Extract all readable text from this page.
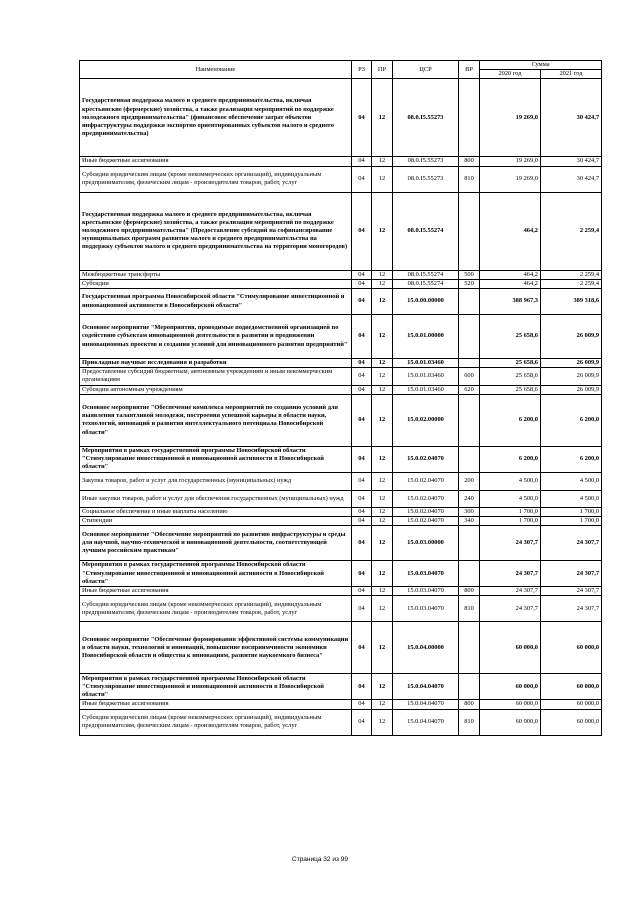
Наименование	РЗ	ПР	ЦСР	ВР	Сумма	
					2020 год	2021 год
Государственная поддержка малого и среднего предпринимательства, включая крестьянские (фермерские) хозяйства, а также реализация мероприятий по поддержке молодежного предпринимательства" (финансовое обеспечение затрат объектов инфраструктуры поддержки экспортно ориентированных субъектов малого и среднего предпринимательства)	04	12	08.0.I5.55273		19 269,0	30 424,7
Иные бюджетные ассигнования	04	12	08.0.I5.55273	800	19 269,0	30 424,7
Субсидии юридическим лицам (кроме некоммерческих организаций), индивидуальным предпринимателям, физическим лицам - производителям товаров, работ, услуг	04	12	08.0.I5.55273	810	19 269,0	30 424,7
Государственная поддержка малого и среднего предпринимательства, включая крестьянские (фермерские) хозяйства, а также реализация мероприятий по поддержке молодежного предпринимательства" (Предоставление субсидий на софинансирование муниципальных программ развития малого и среднего предпринимательства на поддержку субъектов малого и среднего предпринимательства на территории моногородов)	04	12	08.0.I5.55274		464,2	2 259,4
Межбюджетные трансферты	04	12	08.0.I5.55274	500	464,2	2 259,4
Субсидии	04	12	08.0.I5.55274	520	464,2	2 259,4
Государственная программа Новосибирской области "Стимулирование инвестиционной и инновационной активности в Новосибирской области"	04	12	15.0.00.00000		388 967,3	389 318,6
Основное мероприятие "Мероприятия, проводимые подведомственной организацией по содействию субъектам инновационной деятельности в развитии и продвижении инновационных проектов и создании условий для инновационного развития предприятий"	04	12	15.0.01.00000		25 658,6	26 009,9
Прикладные научные исследования и разработки	04	12	15.0.01.03460		25 658,6	26 009,9
Предоставление субсидий бюджетным, автономным учреждениям и иным некоммерческим организациям	04	12	15.0.01.03460	600	25 658,6	26 009,9
Субсидии автономным учреждениям	04	12	15.0.01.03460	620	25 658,6	26 009,9
Основное мероприятие "Обеспечение комплекса мероприятий по созданию условий для выявления талантливой молодежи, построения успешной карьеры в области науки, технологий, инноваций и развития интеллектуального потенциала Новосибирской области"	04	12	15.0.02.00000		6 200,0	6 200,0
Мероприятия в рамках государственной программы Новосибирской области "Стимулирование инвестиционной и инновационной активности в Новосибирской области"	04	12	15.0.02.04070		6 200,0	6 200,0
Закупка товаров, работ и услуг для государственных (муниципальных) нужд	04	12	15.0.02.04070	200	4 500,0	4 500,0
Иные закупки товаров, работ и услуг для обеспечения государственных (муниципальных) нужд	04	12	15.0.02.04070	240	4 500,0	4 500,0
Социальное обеспечение и иные выплаты населению	04	12	15.0.02.04070	300	1 700,0	1 700,0
Стипендии	04	12	15.0.02.04070	340	1 700,0	1 700,0
Основное мероприятие "Обеспечение мероприятий по развитию инфраструктуры и среды для научной, научно-технической и инновационной деятельности, соответствующей лучшим российским практикам"	04	12	15.0.03.00000		24 307,7	24 307,7
Мероприятия в рамках государственной программы Новосибирской области "Стимулирование инвестиционной и инновационной активности в Новосибирской области"	04	12	15.0.03.04070		24 307,7	24 307,7
Иные бюджетные ассигнования	04	12	15.0.03.04070	800	24 307,7	24 307,7
Субсидии юридическим лицам (кроме некоммерческих организаций), индивидуальным предпринимателям, физическим лицам - производителям товаров, работ, услуг	04	12	15.0.03.04070	810	24 307,7	24 307,7
Основное мероприятие "Обеспечение формирования эффективной системы коммуникации в области науки, технологий и инноваций, повышение восприимчивости экономики Новосибирской области и общества к инновациям, развитие наукоемкого бизнеса"	04	12	15.0.04.00000		60 000,0	60 000,0
Мероприятия в рамках государственной программы Новосибирской области "Стимулирование инвестиционной и инновационной активности в Новосибирской области"	04	12	15.0.04.04070		60 000,0	60 000,0
Иные бюджетные ассигнования	04	12	15.0.04.04070	800	60 000,0	60 000,0
Субсидии юридическим лицам (кроме некоммерческих организаций), индивидуальным предпринимателям, физическим лицам - производителям товаров, работ, услуг	04	12	15.0.04.04070	810	60 000,0	60 000,0
Страница 32 из 99
